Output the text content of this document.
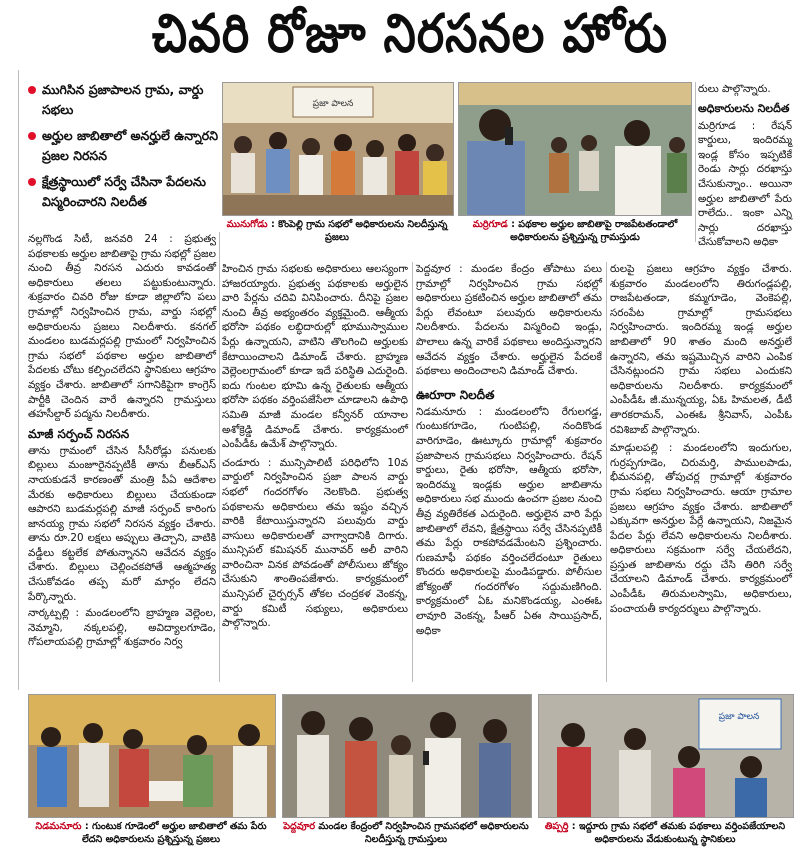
చివరి రోజూ నిరసనల హోరు
ముగిసిన ప్రజాపాలన గ్రామ, వార్డు సభలు
అర్హుల జాబితాలో అనర్హులే ఉన్నారని ప్రజల నిరసన
క్షేత్రస్థాయిలో సర్వే చేసినా పేదలను విస్మరించారని నిలదీత
నల్లగొండ సిటీ, జనవరి 24 : ప్రభుత్వ పథకాలకు అర్హుల జాబితాపై గ్రామ సభల్లో ప్రజల నుంచి తీవ్ర నిరసన ఎదురు కావడంతో అధికారులు తలలు పట్టుకుంటున్నారు. శుక్రవారం చివరి రోజు కూడా జిల్లాలోని పలు గ్రామాల్లో నిర్వహించిన గ్రామ, వార్డు సభల్లో అధికారులను ప్రజలు నిలదీశారు. కనగల్ మండలం బుడమర్లపల్లి గ్రామంలో నిర్వహించిన గ్రామ సభలో పథకాల అర్హుల జాబితాలో పేదలకు చోటు కల్పించలేదని స్థానికులు ఆగ్రహం వ్యక్తం చేశారు. జాబితాలో సగానికిపైగా కాంగ్రెస్ పార్టీకి చెందిన వారే ఉన్నారని గ్రామస్తులు తహసీల్దార్ పద్మను నిలదీశారు.
మాజీ సర్పంచ్ నిరసన
తాను గ్రామంలో చేసిన సీసీరోడ్లు పనులకు బిల్లులు మంజూరైనప్పటికీ తాను బీఆర్ఎస్ నాయకుడనే కారణంతో మంత్రి పీఏ ఆదేశాల మేరకు అధికారులు బిల్లులు చేయకుండా ఆపారని బుడమర్లపల్లి మాజీ సర్పంచ్ కారింగు జానయ్య గ్రామ సభలో నిరసన వ్యక్తం చేశారు. తాను రూ.20 లక్షలు అప్పులు తెచ్చాని, వాటికి వడ్డీలు కట్టలేక పోతున్నానని ఆవేదన వ్యక్తం చేశారు. బిల్లులు చెల్లించకపోతే ఆత్మహత్య చేసుకోవడం తప్ప మరో మార్గం లేదని పేర్కొన్నారు.
నార్కట్పల్లి : మండలంలోని బ్రాహ్మణ వెల్లెంల, నెమ్మాని, నక్కలపల్లి, అవిద్యాలగూడెం, గోపలాయపల్లి గ్రామాల్లో శుక్రవారం నిర్వ
ప్రజా పాలన
మునుగోడు : కొంపెల్లి గ్రామ సభలో అధికారులను నిలదీస్తున్న ప్రజలు
మర్రిగూడ : పథకాల అర్హుల జాబితాపై రాజపేటతండాలో అధికారులను ప్రశ్నిస్తున్న గ్రామస్తుడు
హించిన గ్రామ సభలకు అధికారులు ఆలస్యంగా హాజరయ్యారు. ప్రభుత్వ పథకాలకు అర్హులైన వారి పేర్లను చదివి వినిపించారు. దీనిపై ప్రజల నుంచి తీవ్ర అభ్యంతరం వ్యక్తమైంది. ఆత్మీయ భరోసా పథకం లబ్ధిదారుల్లో భూముస్వాముల పేర్లు ఉన్నాయని, వాటిని తొలగించి అర్హులకు కేటాయించాలని డిమాండ్ చేశారు. బ్రాహ్మణ వెల్లెంలగ్రామంలో కూడా ఇదే పరిస్థితి ఎదురైంది. ఐదు గుంటల భూమి ఉన్న రైతులకు ఆత్మీయ భరోసా పథకం వర్తింపజేసేలా చూడాలని ఉపాధి సమితి మాజీ మండల కన్వీనర్ యానాల అశోక్రెడ్డి డిమాండ్ చేశారు. కార్యక్రమంలో ఎంపీడీఓ ఉమేశ్ పాల్గొన్నారు.
చండూరు : మున్సిపాలిటీ పరిధిలోని 10వ వార్డులో నిర్వహించిన ప్రజా పాలన వార్డు సభలో గందరగోళం నెలకొంది. ప్రభుత్వ పథకాలను అధికారులు తమ ఇష్టం వచ్చిన వారికి కేటాయిస్తున్నారని పలువురు వార్డు వాసులు అధికారులతో వాగ్వాదానికి దిగారు. మున్సిపల్ కమిషనర్ మునావర్ అలీ వారిని వారించినా వినక పోవడంతో పోలీసులు జోక్యం చేసుకుని శాంతింపజేశారు. కార్యక్రమంలో మున్సిపల్ చైర్పర్సన్ తోకల చంద్రకళ వెంకన్న, వార్డు కమిటీ సభ్యులు, అధికారులు పాల్గొన్నారు.
పెద్దవూర : మండల కేంద్రం తోపాటు పలు గ్రామాల్లో నిర్వహించిన గ్రామ సభల్లో అధికారులు ప్రకటించిన అర్హుల జాబితాలో తమ పేర్లు లేవంటూ పలువురు అధికారులను నిలదీశారు. పేదలను విస్మరించి ఇండ్లు, పొలాలు ఉన్న వారికే పథకాలు అందిస్తున్నారని ఆవేదన వ్యక్తం చేశారు. అర్హులైన పేదలకే పథకాలు అందించాలని డిమాండ్ చేశారు.
ఊరూరా నిలదీత
నిడమనూరు : మండలంలోని రేగులగడ్డ, గుంటుకగూడెం, గుంటిపల్లి, నందికొండ వారిగూడెం, ఊట్కూరు గ్రామాల్లో శుక్రవారం ప్రజాపాలన గ్రామసభలు నిర్వహించారు. రేషన్ కార్డులు, రైతు భరోసా, ఆత్మీయ భరోసా, ఇందిరమ్మ ఇండ్లకు అర్హుల జాబితాను అధికారులు సభ ముందు ఉంచగా ప్రజల నుంచి తీవ్ర వ్యతిరేకత ఎదురైంది. అర్హులైన వారి పేర్లు జాబితాలో లేవని, క్షేత్రస్థాయి సర్వే చేసినప్పటికీ తమ పేర్లు రాకపోవడమేంటని ప్రశ్నించారు. గుణమాఫీ పథకం వర్తించలేదంటూ రైతులు కొందరు అధికారులపై మండిపడ్డారు. పోలీసుల జోక్యంతో గందరగోళం సద్దుమణిగింది. కార్యక్రమంలో ఏఓ మనికొండయ్య, ఎంఈఓ లావూరి వెంకన్న, పీఆర్ ఏఈ సాయిప్రసాద్, అధికా
రులు పాల్గొన్నారు.
అధికారులను నిలదీత
మర్రిగూడ : రేషన్ కార్డులు, ఇందిరమ్మ ఇండ్ల కోసం ఇప్పటికే రెండు సార్లు దరఖాస్తు చేసుకున్నాం.. అయినా అర్హుల జాబితాలో పేరు రాలేదు.. ఇంకా ఎన్ని సార్లు దరఖాస్తు చేసుకోవాలని అధికా
రులపై ప్రజలు ఆగ్రహం వ్యక్తం చేశారు. శుక్రవారం మండలంలోని తిరుగండ్లపల్లి, రాజపేటతండా, కమ్మగూడెం, వెంకెపల్లి, సరంపేట గ్రామాల్లో గ్రామసభలు నిర్వహించారు. ఇందిరమ్మ ఇండ్ల అర్హుల జాబితాలో 90 శాతం మంది అనర్హులే ఉన్నారని, తమ ఇష్టమొచ్చిన వారిని ఎంపిక చేసినట్లుందని గ్రామ సభలు ఎందుకని అధికారులను నిలదీశారు. కార్యక్రమంలో ఎంపీడీఓ జీ.మున్నయ్య, ఏఓ హిమలత, డీటీ తారకరామన్, ఎంఈఓ శ్రీనివాస్, ఎంపీఓ రవిశిబాబ్ పాల్గొన్నారు.
మాడ్గులపల్లి : మండలంలోని ఇందుగుల, గుర్రప్పగూడెం, చిరుమర్తి, పాములపాడు, భీమనపల్లి, తోపుచర్ల గ్రామాల్లో శుక్రవారం గ్రామ సభలు నిర్వహించారు. ఆయా గ్రామాల ప్రజలు ఆగ్రహం వ్యక్తం చేశారు. జాబితాలో ఎక్కువగా అనర్హుల పేర్లే ఉన్నాయని, నిజమైన పేదల పేర్లు లేవని అధికారులను నిలదీశారు. అధికారులు సక్రమంగా సర్వే చేయలేదని, ప్రస్తుత జాబితాను రద్దు చేసి తిరిగి సర్వే చేయాలని డిమాండ్ చేశారు. కార్యక్రమంలో ఎంపీడీఓ తిరుమలస్వామి, అధికారులు, పంచాయతీ కార్యదర్శులు పాల్గొన్నారు.
నిడమనూరు : గుంటుక గూడెంలో అర్హుల జాబితాలో తమ పేరు లేదని అధికారులను ప్రశ్నిస్తున్న ప్రజలు
పెద్దవూర మండల కేంద్రంలో నిర్వహించిన గ్రామసభలో అధికారులను నిలదీస్తున్న గ్రామస్తులు
ప్రజా పాలన
తిప్పర్తి : ఇద్దూరు గ్రామ సభలో తమకు పథకాలు వర్తింపజేయాలని అధికారులను వేడుకుంటున్న స్థానికులు
